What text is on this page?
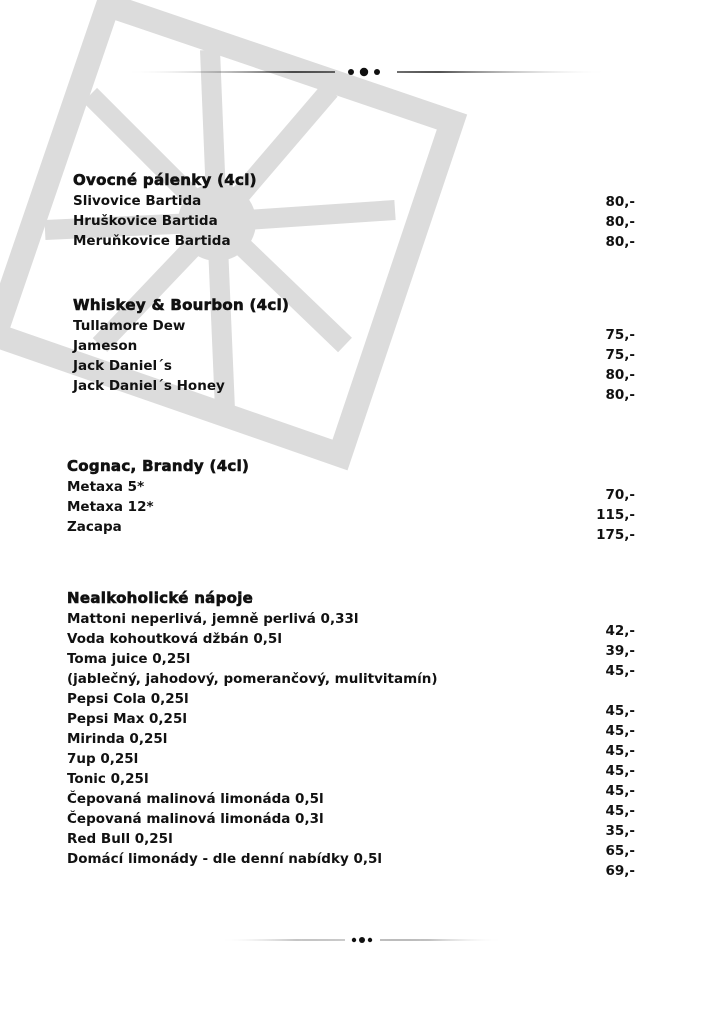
Ovocné pálenky (4cl)
Slivovice Bartida
Hruškovice Bartida
Meruňkovice Bartida
80,-
80,-
80,-
Whiskey & Bourbon (4cl)
Tullamore Dew
Jameson
Jack Daniel´s
Jack Daniel´s Honey
75,-
75,-
80,-
80,-
Cognac, Brandy (4cl)
Metaxa 5*
Metaxa 12*
Zacapa
70,-
115,-
175,-
Nealkoholické nápoje
Mattoni neperlivá, jemně perlivá 0,33l
Voda kohoutková džbán 0,5l
Toma juice 0,25l
(jablečný, jahodový, pomerančový, mulitvitamín)
Pepsi Cola 0,25l
Pepsi Max 0,25l
Mirinda 0,25l
7up 0,25l
Tonic 0,25l
Čepovaná malinová limonáda 0,5l
Čepovaná malinová limonáda 0,3l
Red Bull 0,25l
Domácí limonády - dle denní nabídky 0,5l
42,-
39,-
45,-
45,-
45,-
45,-
45,-
45,-
45,-
35,-
65,-
69,-
